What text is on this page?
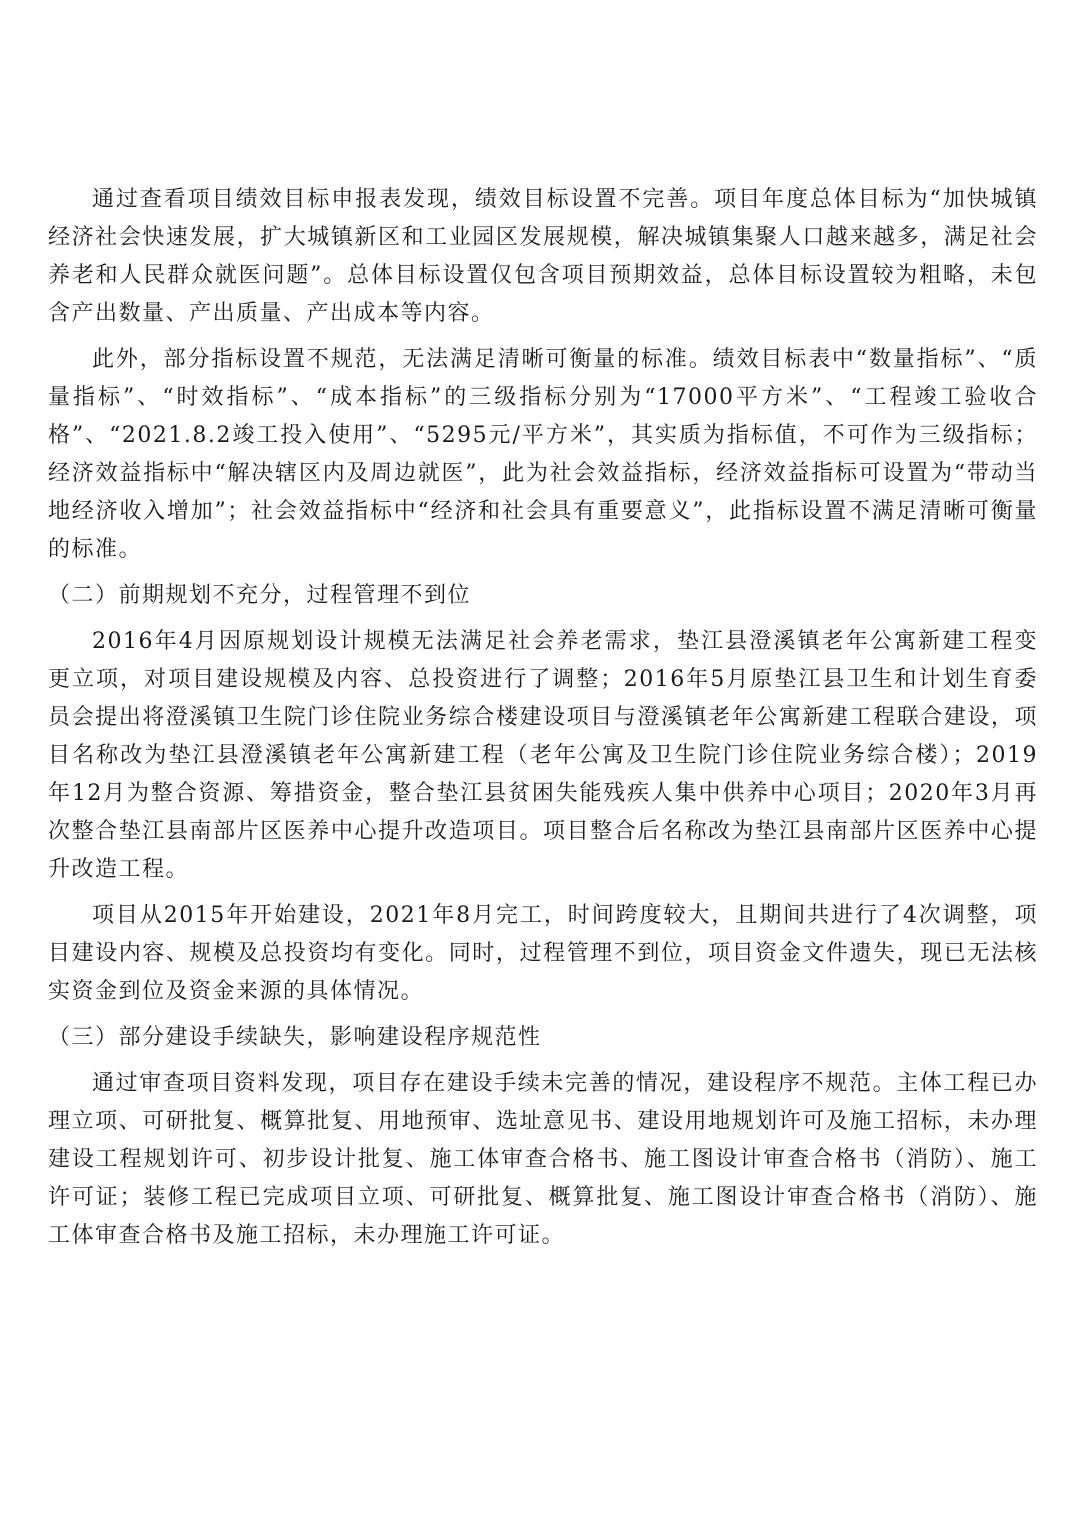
通过查看项目绩效目标申报表发现，绩效目标设置不完善。项目年度总体目标为“加快城镇经济社会快速发展，扩大城镇新区和工业园区发展规模，解决城镇集聚人口越来越多，满足社会养老和人民群众就医问题”。总体目标设置仅包含项目预期效益，总体目标设置较为粗略，未包含产出数量、产出质量、产出成本等内容。

此外，部分指标设置不规范，无法满足清晰可衡量的标准。绩效目标表中“数量指标”、“质量指标”、“时效指标”、“成本指标”的三级指标分别为“17000平方米”、“工程竣工验收合格”、“2021.8.2竣工投入使用”、“5295元/平方米”，其实质为指标值，不可作为三级指标；经济效益指标中“解决辖区内及周边就医”，此为社会效益指标，经济效益指标可设置为“带动当地经济收入增加”；社会效益指标中“经济和社会具有重要意义”，此指标设置不满足清晰可衡量的标准。

（二）前期规划不充分，过程管理不到位

2016年4月因原规划设计规模无法满足社会养老需求，垫江县澄溪镇老年公寓新建工程变更立项，对项目建设规模及内容、总投资进行了调整；2016年5月原垫江县卫生和计划生育委员会提出将澄溪镇卫生院门诊住院业务综合楼建设项目与澄溪镇老年公寓新建工程联合建设，项目名称改为垫江县澄溪镇老年公寓新建工程（老年公寓及卫生院门诊住院业务综合楼）；2019年12月为整合资源、筹措资金，整合垫江县贫困失能残疾人集中供养中心项目；2020年3月再次整合垫江县南部片区医养中心提升改造项目。项目整合后名称改为垫江县南部片区医养中心提升改造工程。

项目从2015年开始建设，2021年8月完工，时间跨度较大，且期间共进行了4次调整，项目建设内容、规模及总投资均有变化。同时，过程管理不到位，项目资金文件遗失，现已无法核实资金到位及资金来源的具体情况。

（三）部分建设手续缺失，影响建设程序规范性

通过审查项目资料发现，项目存在建设手续未完善的情况，建设程序不规范。主体工程已办理立项、可研批复、概算批复、用地预审、选址意见书、建设用地规划许可及施工招标，未办理建设工程规划许可、初步设计批复、施工体审查合格书、施工图设计审查合格书（消防）、施工许可证；装修工程已完成项目立项、可研批复、概算批复、施工图设计审查合格书（消防）、施工体审查合格书及施工招标，未办理施工许可证。
